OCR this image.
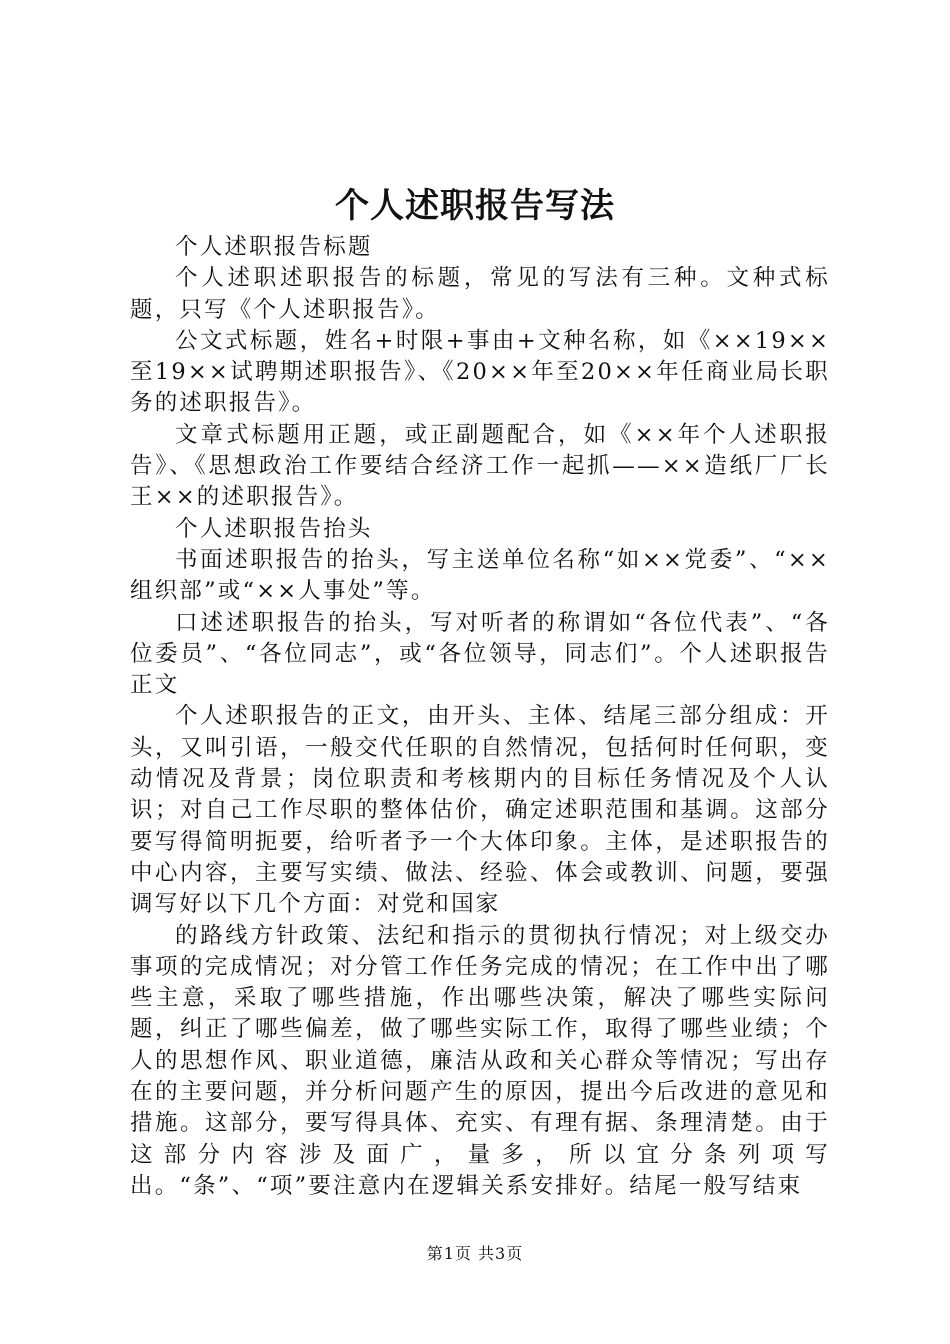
个人述职报告写法

个人述职报告标题

个人述职述职报告的标题，常见的写法有三种。文种式标题，只写《个人述职报告》。

公文式标题，姓名+时限+事由+文种名称，如《××19××至19××试聘期述职报告》、《20××年至20××年任商业局长职务的述职报告》。

文章式标题用正题，或正副题配合，如《××年个人述职报告》、《思想政治工作要结合经济工作一起抓——××造纸厂厂长王××的述职报告》。

个人述职报告抬头

书面述职报告的抬头，写主送单位名称“如××党委”、“××组织部”或“××人事处”等。

口述述职报告的抬头，写对听者的称谓如“各位代表”、“各位委员”、“各位同志”，或“各位领导，同志们”。个人述职报告正文

个人述职报告的正文，由开头、主体、结尾三部分组成：开头，又叫引语，一般交代任职的自然情况，包括何时任何职，变动情况及背景；岗位职责和考核期内的目标任务情况及个人认识；对自己工作尽职的整体估价，确定述职范围和基调。这部分要写得简明扼要，给听者予一个大体印象。主体，是述职报告的中心内容，主要写实绩、做法、经验、体会或教训、问题，要强调写好以下几个方面：对党和国家

的路线方针政策、法纪和指示的贯彻执行情况；对上级交办事项的完成情况；对分管工作任务完成的情况；在工作中出了哪些主意，采取了哪些措施，作出哪些决策，解决了哪些实际问题，纠正了哪些偏差，做了哪些实际工作，取得了哪些业绩；个人的思想作风、职业道德，廉洁从政和关心群众等情况；写出存在的主要问题，并分析问题产生的原因，提出今后改进的意见和措施。这部分，要写得具体、充实、有理有据、条理清楚。由于这部分内容涉及面广，量多，所以宜分条列项写出。“条”、“项”要注意内在逻辑关系安排好。结尾一般写结束

第1页 共3页
